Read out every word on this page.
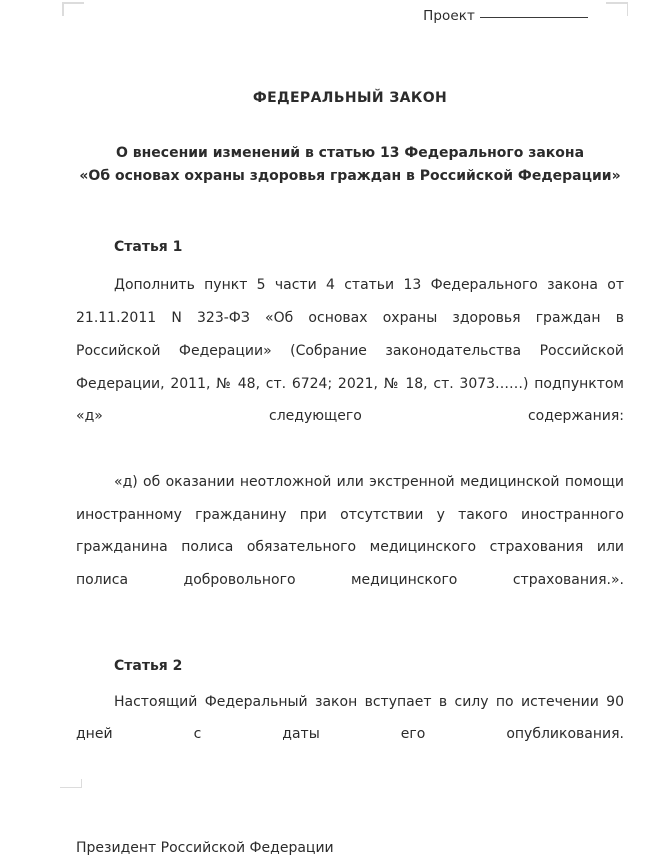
Проект
ФЕДЕРАЛЬНЫЙ ЗАКОН
О внесении изменений в статью 13 Федерального закона
«Об основах охраны здоровья граждан в Российской Федерации»
Статья 1

Дополнить пункт 5 части 4 статьи 13 Федерального закона от 21.11.2011 N 323-ФЗ «Об основах охраны здоровья граждан в Российской Федерации» (Собрание законодательства Российской Федерации, 2011, № 48, ст. 6724; 2021, № 18, ст. 3073……) подпунктом «д» следующего содержания:

«д) об оказании неотложной или экстренной медицинской помощи иностранному гражданину при отсутствии у такого иностранного гражданина полиса обязательного медицинского страхования или полиса добровольного медицинского страхования.».

Статья 2

Настоящий Федеральный закон вступает в силу по истечении 90 дней с даты его опубликования.

Президент Российской Федерации
